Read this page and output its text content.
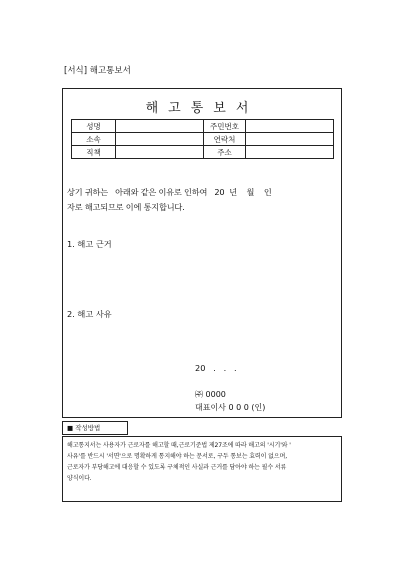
[서식] 해고통보서
해고통보서
성명		주민번호	
소속		연락처	
직책		주소	
상기 귀하는   아래와 같은 이유로 인하여   20  년    월    인
자로 해고되므로 이에 통지합니다.
1. 해고 근거
2. 해고 사유
20   .   .   .
㈜ 0000
대표이사 0 0 0 (인)
■ 작성방법
해고통지서는 사용자가 근로자를 해고할 때,근로기준법 제27조에 따라 해고의 '시기'와 '
사유'를 반드시 '서면'으로 명확하게 통지해야 하는 문서로, 구두 통보는 효력이 없으며,
근로자가 부당해고에 대응할 수 있도록 구체적인 사실과 근거를 담아야 하는 필수 서류
양식이다.
